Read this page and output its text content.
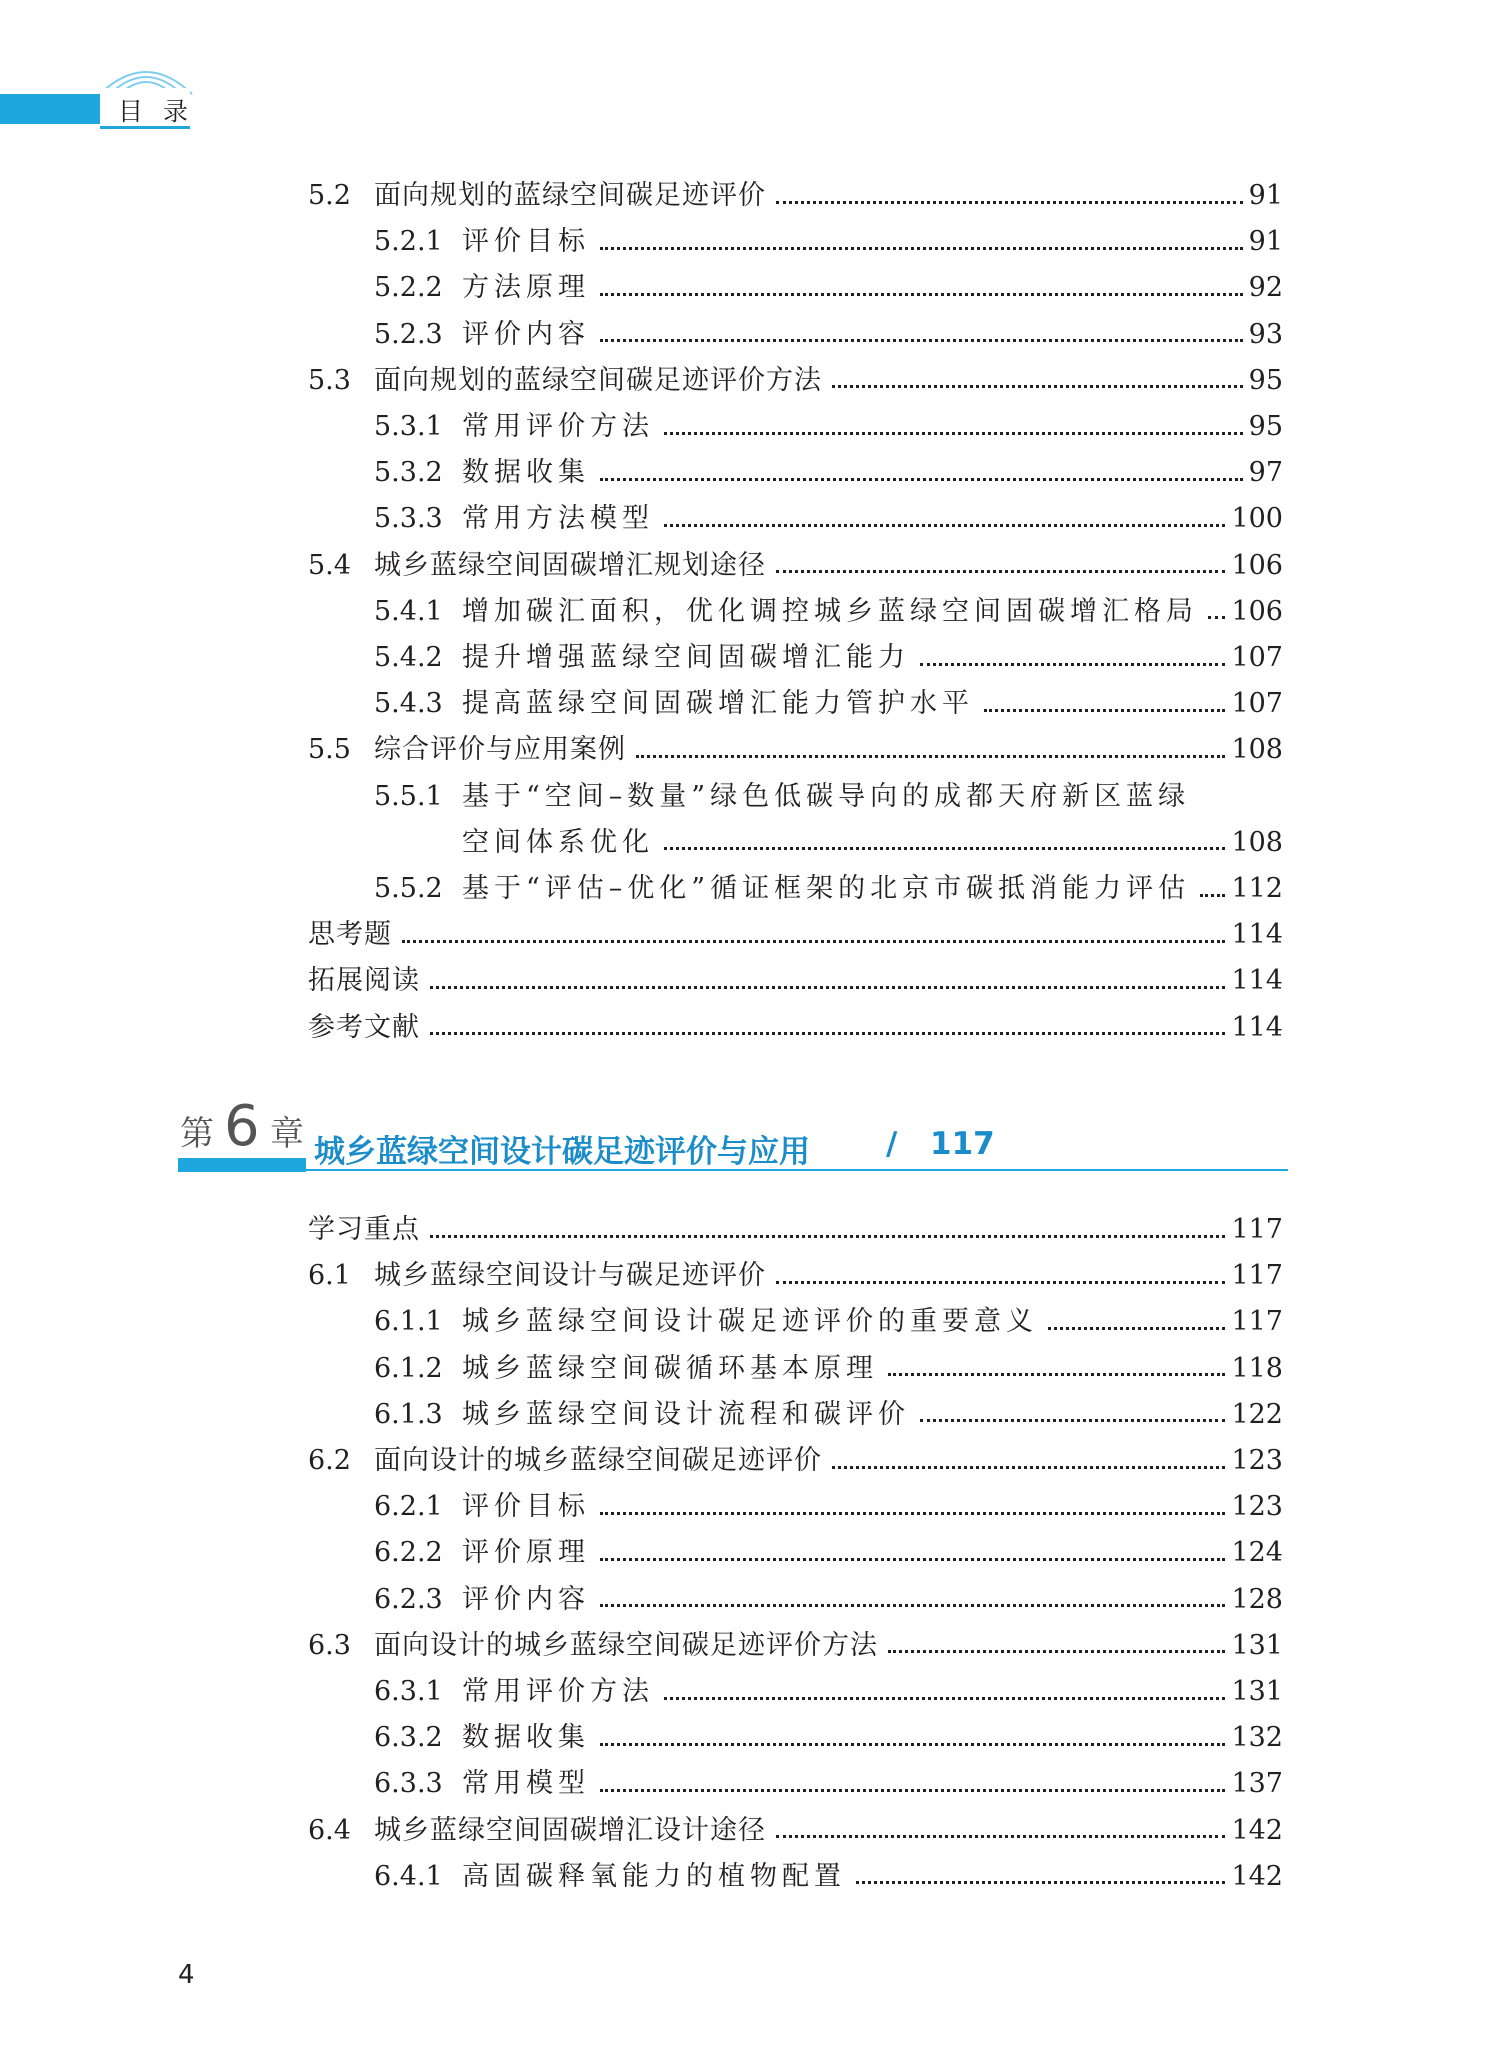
目 录
5.2 面向规划的蓝绿空间碳足迹评价	91
5.2.1 评价目标	91
5.2.2 方法原理	92
5.2.3 评价内容	93
5.3 面向规划的蓝绿空间碳足迹评价方法	95
5.3.1 常用评价方法	95
5.3.2 数据收集	97
5.3.3 常用方法模型	100
5.4 城乡蓝绿空间固碳增汇规划途径	106
5.4.1 增加碳汇面积，优化调控城乡蓝绿空间固碳增汇格局 106
5.4.2 提升增强蓝绿空间固碳增汇能力	107
5.4.3 提高蓝绿空间固碳增汇能力管护水平	107
5.5 综合评价与应用案例	108
5.5.1 基于“空间–数量”绿色低碳导向的成都天府新区蓝绿
空间体系优化	108
5.5.2 基于“评估–优化”循证框架的北京市碳抵消能力评估 112
思考题	114
拓展阅读	114
参考文献	114
学习重点	117
6.1 城乡蓝绿空间设计与碳足迹评价	117
6.1.1 城乡蓝绿空间设计碳足迹评价的重要意义	117
6.1.2 城乡蓝绿空间碳循环基本原理	118
6.1.3 城乡蓝绿空间设计流程和碳评价	122
6.2 面向设计的城乡蓝绿空间碳足迹评价	123
6.2.1 评价目标	123
6.2.2 评价原理	124
6.2.3 评价内容	128
6.3 面向设计的城乡蓝绿空间碳足迹评价方法	131
6.3.1 常用评价方法	131
6.3.2 数据收集	132
6.3.3 常用模型	137
6.4 城乡蓝绿空间固碳增汇设计途径	142
6.4.1 高固碳释氧能力的植物配置	142
第 6 章 城乡蓝绿空间设计碳足迹评价与应用 / 117
4
